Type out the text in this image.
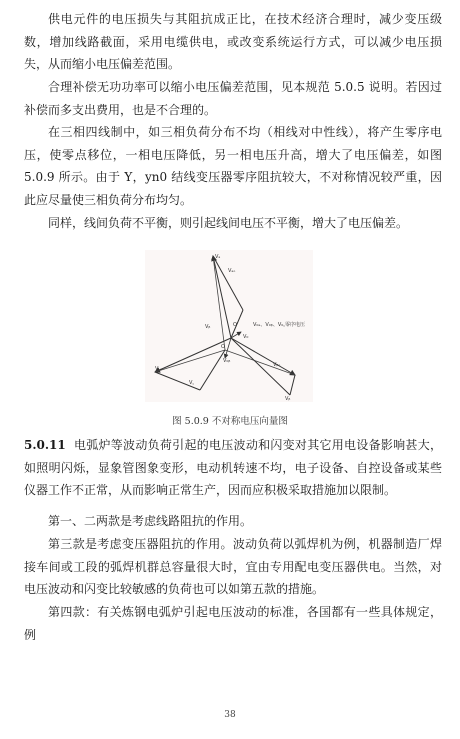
供电元件的电压损失与其阻抗成正比，在技术经济合理时，减少变压级数，增加线路截面，采用电缆供电，或改变系统运行方式，可以减少电压损失，从而缩小电压偏差范围。

合理补偿无功功率可以缩小电压偏差范围，见本规范 5.0.5 说明。若因过补偿而多支出费用，也是不合理的。

在三相四线制中，如三相负荷分布不均（相线对中性线），将产生零序电压，使零点移位，一相电压降低，另一相电压升高，增大了电压偏差，如图 5.0.9 所示。由于 Y，yn0 结线变压器零序阻抗较大，不对称情况较严重，因此应尽量使三相负荷分布均匀。

同样，线间负荷不平衡，则引起线间电压不平衡，增大了电压偏差。

Vₐ
Vₐₒ
V₀ₐ、V₀ᵦ、V₀꜀零序电压
Vᵦ	O'
V₀
O
V₀ᵦ
V꜀ₒ
V꜀
Vᵦₒ
Vᵦ
图 5.0.9 不对称电压向量图

5.0.11 电弧炉等波动负荷引起的电压波动和闪变对其它用电设备影响甚大，如照明闪烁，显象管图象变形，电动机转速不均，电子设备、自控设备或某些仪器工作不正常，从而影响正常生产，因而应积极采取措施加以限制。

第一、二两款是考虑线路阻抗的作用。

第三款是考虑变压器阻抗的作用。波动负荷以弧焊机为例，机器制造厂焊接车间或工段的弧焊机群总容量很大时，宜由专用配电变压器供电。当然，对电压波动和闪变比较敏感的负荷也可以如第五款的措施。

第四款：有关炼钢电弧炉引起电压波动的标准，各国都有一些具体规定，例

38
